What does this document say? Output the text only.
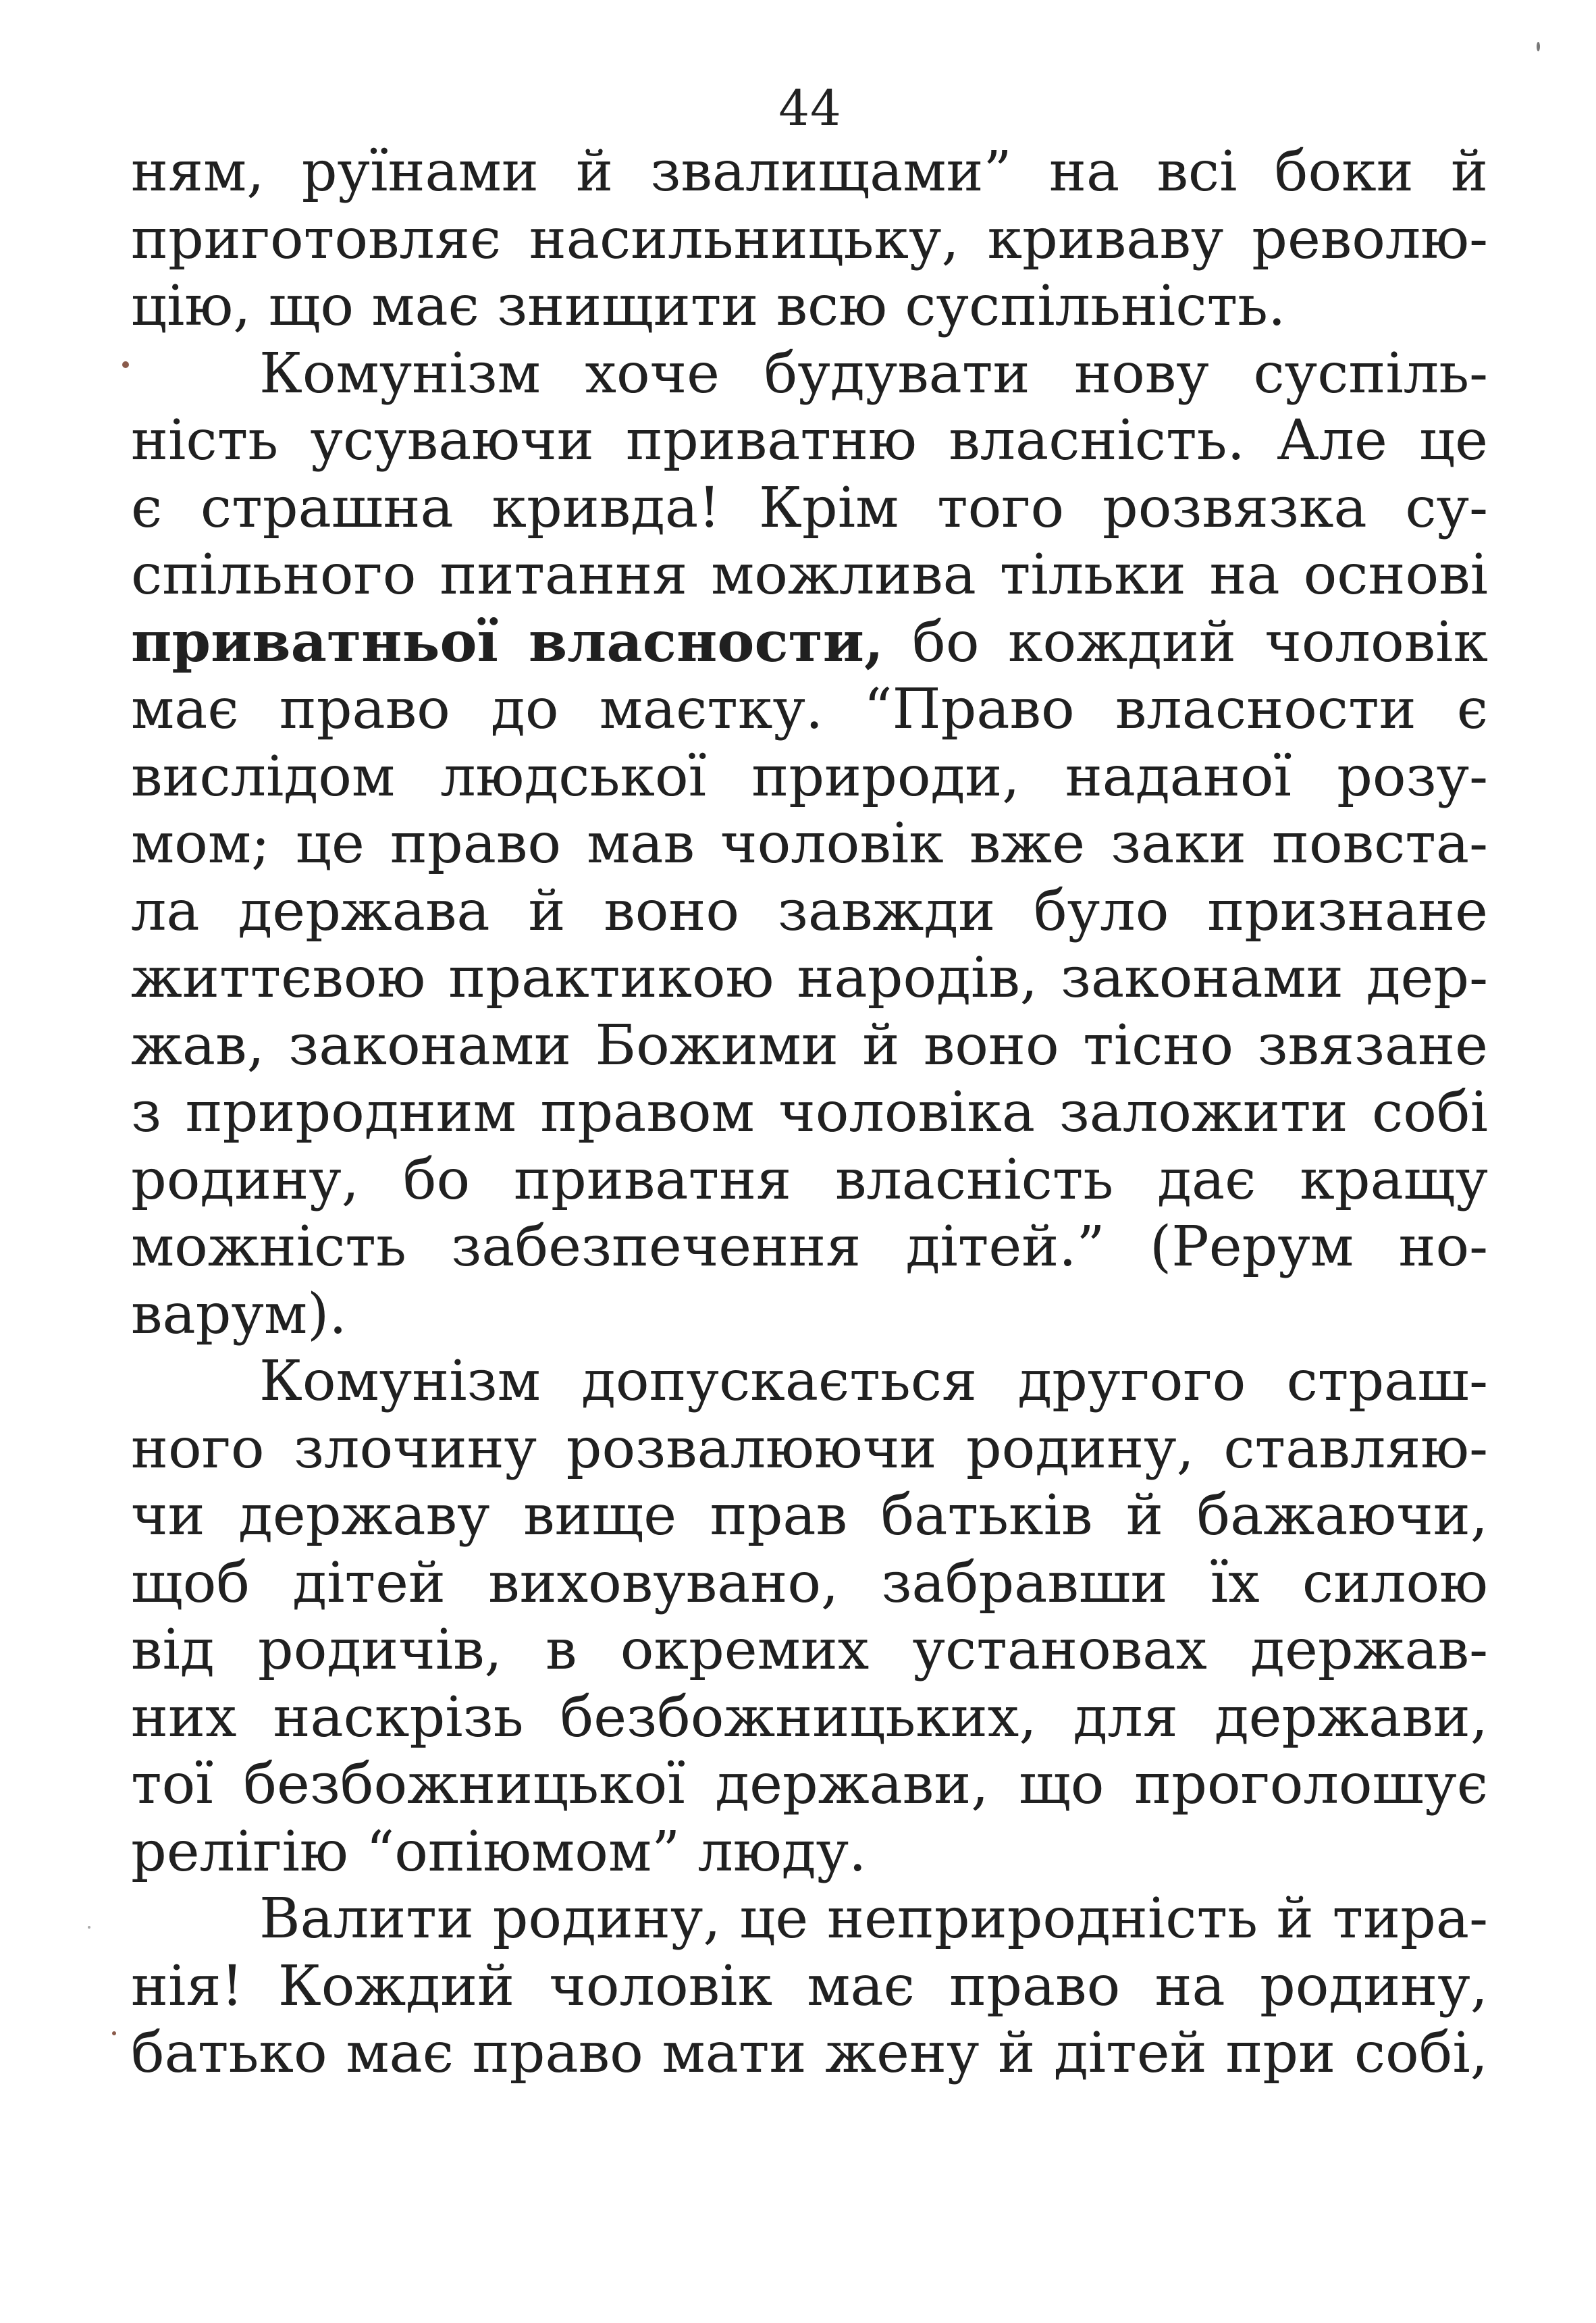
44
ням, руїнами й звалищами” на всі боки й
приготовляє насильницьку, криваву револю-
цію, що має знищити всю суспільність.
Комунізм хоче будувати нову суспіль-
ність усуваючи приватню власність. Але це
є страшна кривда! Крім того розвязка су-
спільного питання можлива тільки на основі
приватньої власности, бо кождий чоловік
має право до маєтку. “Право власности є
вислідом людської природи, наданої розу-
мом; це право мав чоловік вже заки повста-
ла держава й воно завжди було признане
життєвою практикою народів, законами дер-
жав, законами Божими й воно тісно звязане
з природним правом чоловіка заложити собі
родину, бо приватня власність дає кращу
можність забезпечення дітей.” (Рерум но-
варум).
Комунізм допускається другого страш-
ного злочину розвалюючи родину, ставляю-
чи державу вище прав батьків й бажаючи,
щоб дітей виховувано, забравши їх силою
від родичів, в окремих установах держав-
них наскрізь безбожницьких, для держави,
тої безбожницької держави, що проголошує
релігію “опіюмом” люду.
Валити родину, це неприродність й тира-
нія! Кождий чоловік має право на родину,
батько має право мати жену й дітей при собі,
